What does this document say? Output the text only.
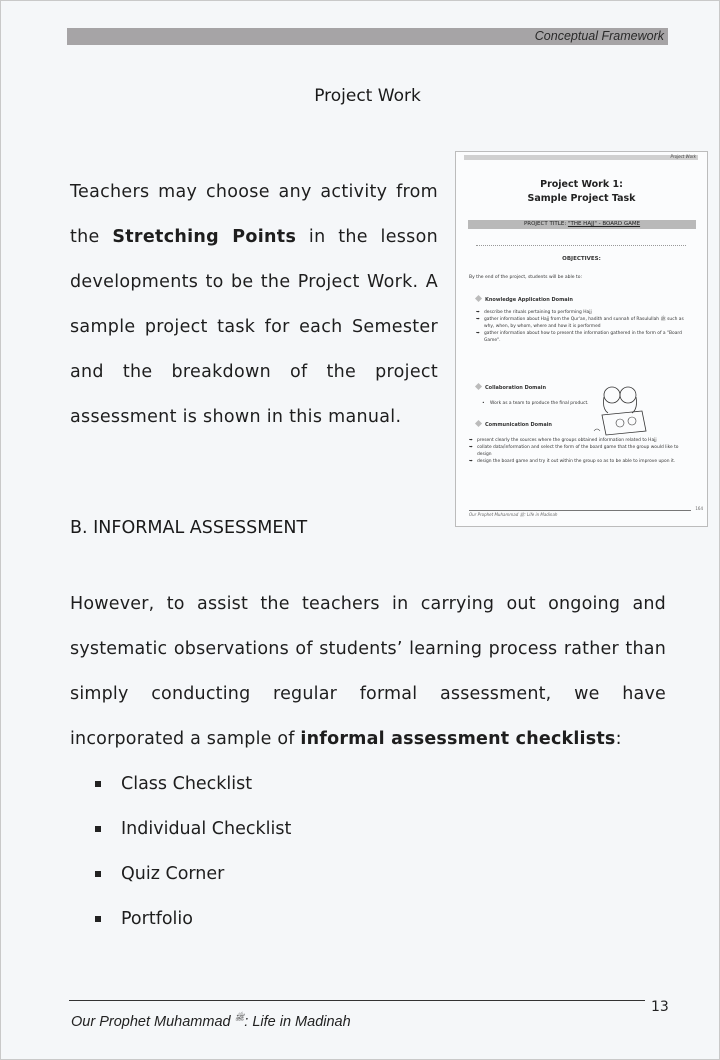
Conceptual Framework
Project Work
Teachers may choose any activity from the Stretching Points in the lesson developments to be the Project Work. A sample project task for each Semester and the breakdown of the project assessment is shown in this manual.
Project Work
Project Work 1:
Sample Project Task
PROJECT TITLE: "THE HAJJ" - BOARD GAME
OBJECTIVES:
By the end of the project, students will be able to:
Knowledge Application Domain
➥ describe the rituals pertaining to performing Hajj
➥ gather information about Hajj from the Qur'an, hadith and sunnah of Rasulullah ﷺ such as why, when, by whom, where and how it is performed
➥ gather information about how to present the information gathered in the form of a "Board Game".
Collaboration Domain
• Work as a team to produce the final product.
Communication Domain
➥ present clearly the sources where the groups obtained information related to Hajj
➥ collate data/information and select the form of the board game that the group would like to design
➥ design the board game and try it out within the group so as to be able to improve upon it.
Our Prophet Muhammad ﷺ: Life in Madinah
164
B. INFORMAL ASSESSMENT
However, to assist the teachers in carrying out ongoing and systematic observations of students’ learning process rather than simply conducting regular formal assessment, we have incorporated a sample of informal assessment checklists:
Class Checklist
Individual Checklist
Quiz Corner
Portfolio
Our Prophet Muhammad $^ﷺ$: Life in Madinah
13
